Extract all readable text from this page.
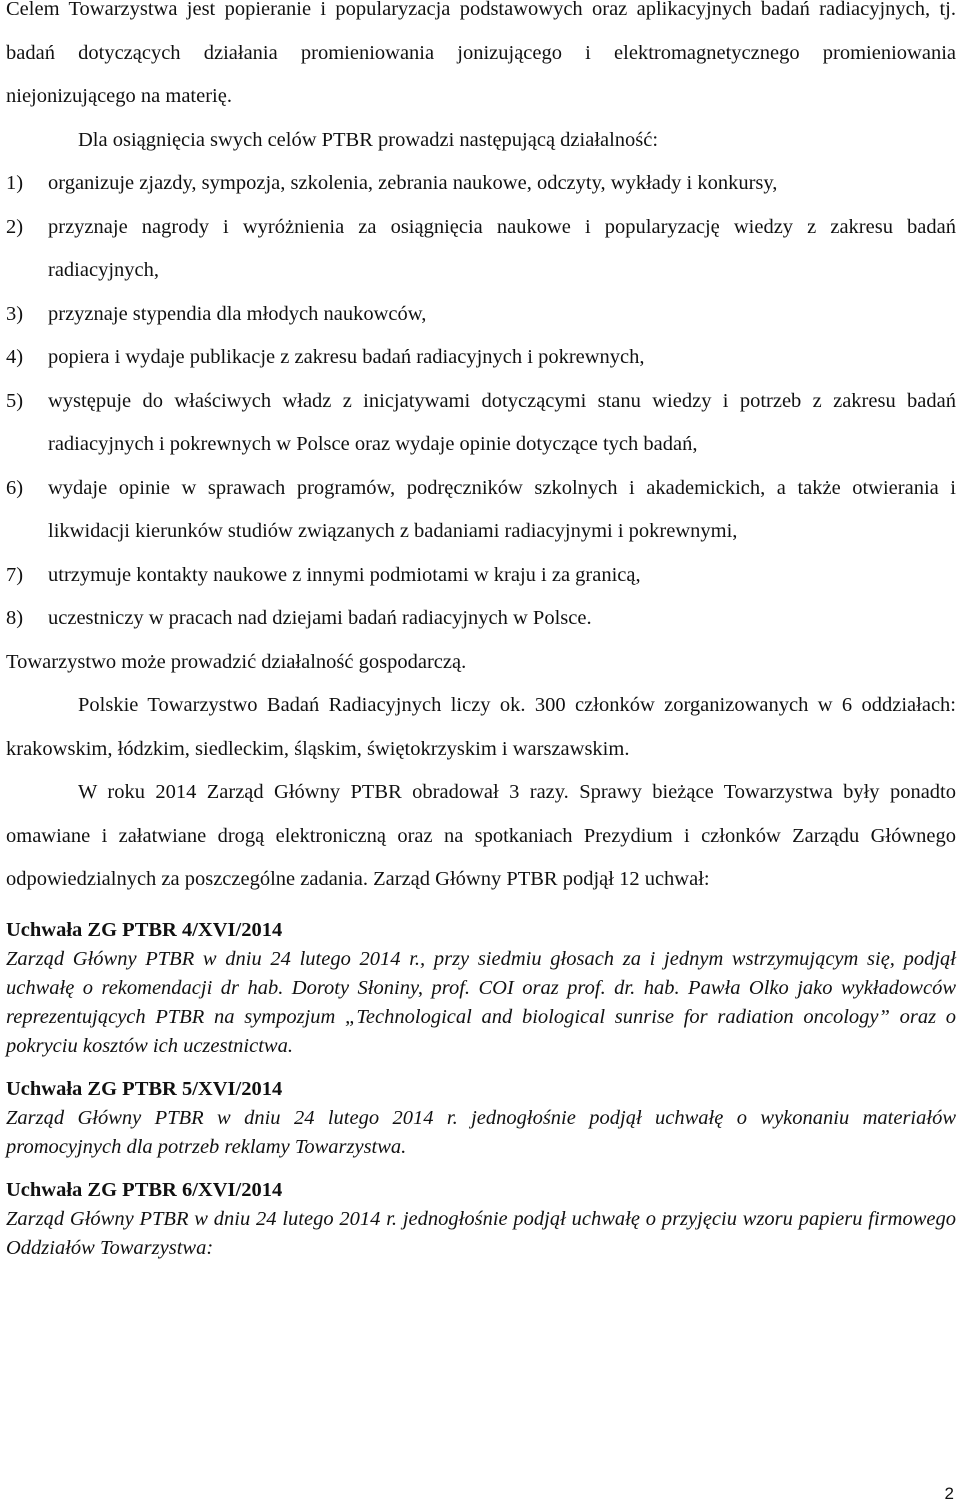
Celem Towarzystwa jest popieranie i popularyzacja podstawowych oraz aplikacyjnych badań radiacyjnych, tj. badań dotyczących działania promieniowania jonizującego i elektromagnetycznego promieniowania niejonizującego na materię.

Dla osiągnięcia swych celów PTBR prowadzi następującą działalność:

1)	organizuje zjazdy, sympozja, szkolenia, zebrania naukowe, odczyty, wykłady i konkursy,
2)	przyznaje nagrody i wyróżnienia za osiągnięcia naukowe i popularyzację wiedzy z zakresu badań radiacyjnych,
3)	przyznaje stypendia dla młodych naukowców,
4)	popiera i wydaje publikacje z zakresu badań radiacyjnych i pokrewnych,
5)	występuje do właściwych władz z inicjatywami dotyczącymi stanu wiedzy i potrzeb z zakresu badań radiacyjnych i pokrewnych w Polsce oraz wydaje opinie dotyczące tych badań,
6)	wydaje opinie w sprawach programów, podręczników szkolnych i akademickich, a także otwierania i likwidacji kierunków studiów związanych z badaniami radiacyjnymi i pokrewnymi,
7)	utrzymuje kontakty naukowe z innymi podmiotami w kraju i za granicą,
8)	uczestniczy w pracach nad dziejami badań radiacyjnych w Polsce.

Towarzystwo może prowadzić działalność gospodarczą.

Polskie Towarzystwo Badań Radiacyjnych liczy ok. 300 członków zorganizowanych w 6 oddziałach: krakowskim, łódzkim, siedleckim, śląskim, świętokrzyskim i warszawskim.

W roku 2014 Zarząd Główny PTBR obradował 3 razy. Sprawy bieżące Towarzystwa były ponadto omawiane i załatwiane drogą elektroniczną oraz na spotkaniach Prezydium i członków Zarządu Głównego odpowiedzialnych za poszczególne zadania. Zarząd Główny PTBR podjął 12 uchwał:

Uchwała ZG PTBR 4/XVI/2014

Zarząd Główny PTBR w dniu 24 lutego 2014 r., przy siedmiu głosach za i jednym wstrzymującym się, podjął uchwałę o rekomendacji dr hab. Doroty Słoniny, prof. COI oraz prof. dr. hab. Pawła Olko jako wykładowców reprezentujących PTBR na sympozjum „Technological and biological sunrise for radiation oncology” oraz o pokryciu kosztów ich uczestnictwa.

Uchwała ZG PTBR 5/XVI/2014

Zarząd Główny PTBR w dniu 24 lutego 2014 r. jednogłośnie podjął uchwałę o wykonaniu materiałów promocyjnych dla potrzeb reklamy Towarzystwa.

Uchwała ZG PTBR 6/XVI/2014

Zarząd Główny PTBR w dniu 24 lutego 2014 r. jednogłośnie podjął uchwałę o przyjęciu wzoru papieru firmowego Oddziałów Towarzystwa:

2
